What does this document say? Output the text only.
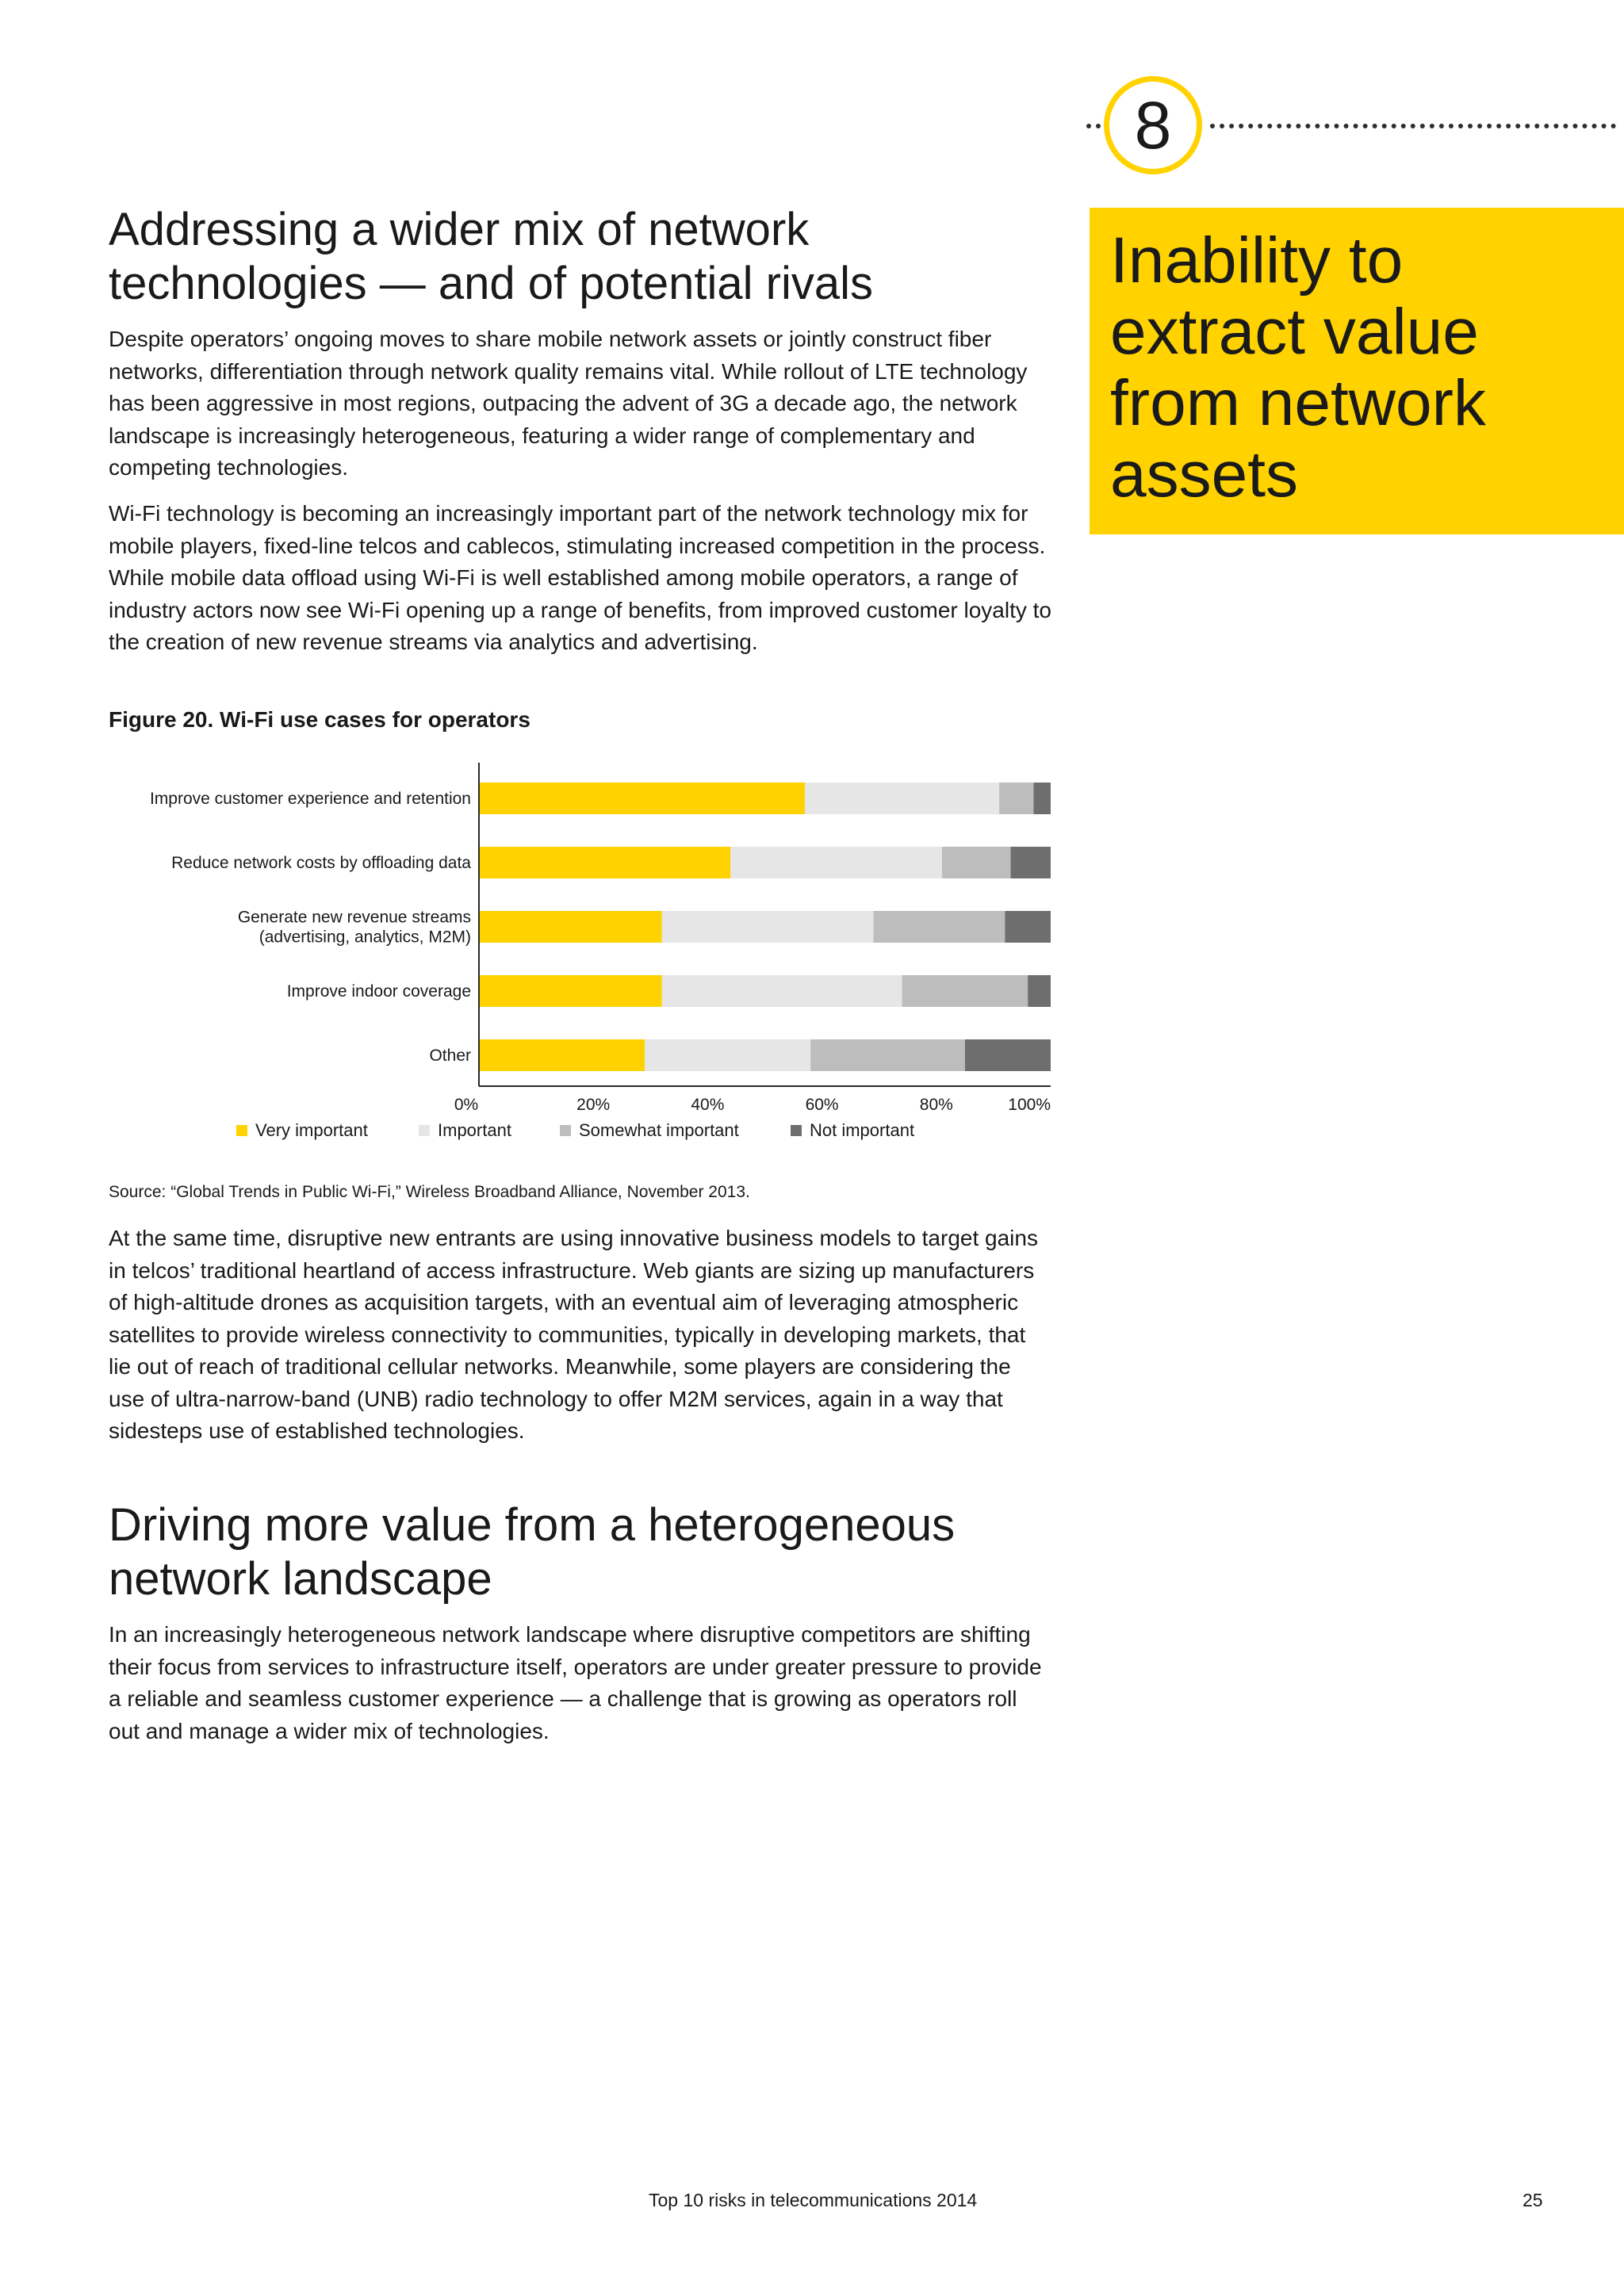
8
Inability to extract value from network assets
Addressing a wider mix of network technologies — and of potential rivals

Despite operators’ ongoing moves to share mobile network assets or jointly construct fiber networks, differentiation through network quality remains vital. While rollout of LTE technology has been aggressive in most regions, outpacing the advent of 3G a decade ago, the network landscape is increasingly heterogeneous, featuring a wider range of complementary and competing technologies.

Wi-Fi technology is becoming an increasingly important part of the network technology mix for mobile players, fixed-line telcos and cablecos, stimulating increased competition in the process. While mobile data offload using Wi-Fi is well established among mobile operators, a range of industry actors now see Wi-Fi opening up a range of benefits, from improved customer loyalty to the creation of new revenue streams via analytics and advertising.

Figure 20. Wi-Fi use cases for operators

Improve customer experience and retention
Reduce network costs by offloading data
Generate new revenue streams (advertising, analytics, M2M)
Improve indoor coverage
Other
0%	20%	40%	60%	80%	100%
Very important	Important	Somewhat important	Not important

Source: “Global Trends in Public Wi-Fi,” Wireless Broadband Alliance, November 2013.

At the same time, disruptive new entrants are using innovative business models to target gains in telcos’ traditional heartland of access infrastructure. Web giants are sizing up manufacturers of high-altitude drones as acquisition targets, with an eventual aim of leveraging atmospheric satellites to provide wireless connectivity to communities, typically in developing markets, that lie out of reach of traditional cellular networks. Meanwhile, some players are considering the use of ultra-narrow-band (UNB) radio technology to offer M2M services, again in a way that sidesteps use of established technologies.

Driving more value from a heterogeneous network landscape

In an increasingly heterogeneous network landscape where disruptive competitors are shifting their focus from services to infrastructure itself, operators are under greater pressure to provide a reliable and seamless customer experience — a challenge that is growing as operators roll out and manage a wider mix of technologies.

Top 10 risks in telecommunications 2014	25
